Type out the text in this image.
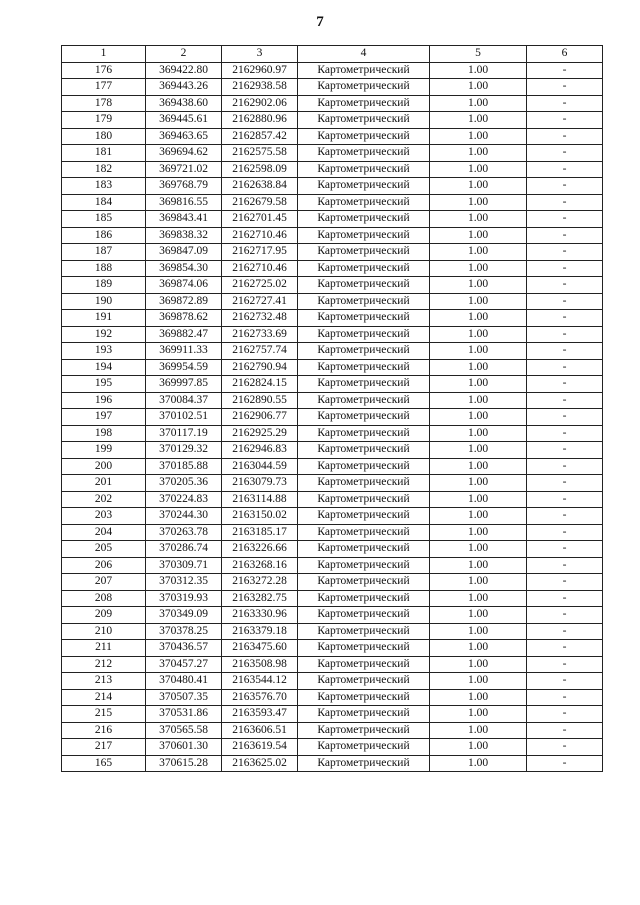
7
1	2	3	4	5	6
176	369422.80	2162960.97	Картометрический	1.00	-
177	369443.26	2162938.58	Картометрический	1.00	-
178	369438.60	2162902.06	Картометрический	1.00	-
179	369445.61	2162880.96	Картометрический	1.00	-
180	369463.65	2162857.42	Картометрический	1.00	-
181	369694.62	2162575.58	Картометрический	1.00	-
182	369721.02	2162598.09	Картометрический	1.00	-
183	369768.79	2162638.84	Картометрический	1.00	-
184	369816.55	2162679.58	Картометрический	1.00	-
185	369843.41	2162701.45	Картометрический	1.00	-
186	369838.32	2162710.46	Картометрический	1.00	-
187	369847.09	2162717.95	Картометрический	1.00	-
188	369854.30	2162710.46	Картометрический	1.00	-
189	369874.06	2162725.02	Картометрический	1.00	-
190	369872.89	2162727.41	Картометрический	1.00	-
191	369878.62	2162732.48	Картометрический	1.00	-
192	369882.47	2162733.69	Картометрический	1.00	-
193	369911.33	2162757.74	Картометрический	1.00	-
194	369954.59	2162790.94	Картометрический	1.00	-
195	369997.85	2162824.15	Картометрический	1.00	-
196	370084.37	2162890.55	Картометрический	1.00	-
197	370102.51	2162906.77	Картометрический	1.00	-
198	370117.19	2162925.29	Картометрический	1.00	-
199	370129.32	2162946.83	Картометрический	1.00	-
200	370185.88	2163044.59	Картометрический	1.00	-
201	370205.36	2163079.73	Картометрический	1.00	-
202	370224.83	2163114.88	Картометрический	1.00	-
203	370244.30	2163150.02	Картометрический	1.00	-
204	370263.78	2163185.17	Картометрический	1.00	-
205	370286.74	2163226.66	Картометрический	1.00	-
206	370309.71	2163268.16	Картометрический	1.00	-
207	370312.35	2163272.28	Картометрический	1.00	-
208	370319.93	2163282.75	Картометрический	1.00	-
209	370349.09	2163330.96	Картометрический	1.00	-
210	370378.25	2163379.18	Картометрический	1.00	-
211	370436.57	2163475.60	Картометрический	1.00	-
212	370457.27	2163508.98	Картометрический	1.00	-
213	370480.41	2163544.12	Картометрический	1.00	-
214	370507.35	2163576.70	Картометрический	1.00	-
215	370531.86	2163593.47	Картометрический	1.00	-
216	370565.58	2163606.51	Картометрический	1.00	-
217	370601.30	2163619.54	Картометрический	1.00	-
165	370615.28	2163625.02	Картометрический	1.00	-
